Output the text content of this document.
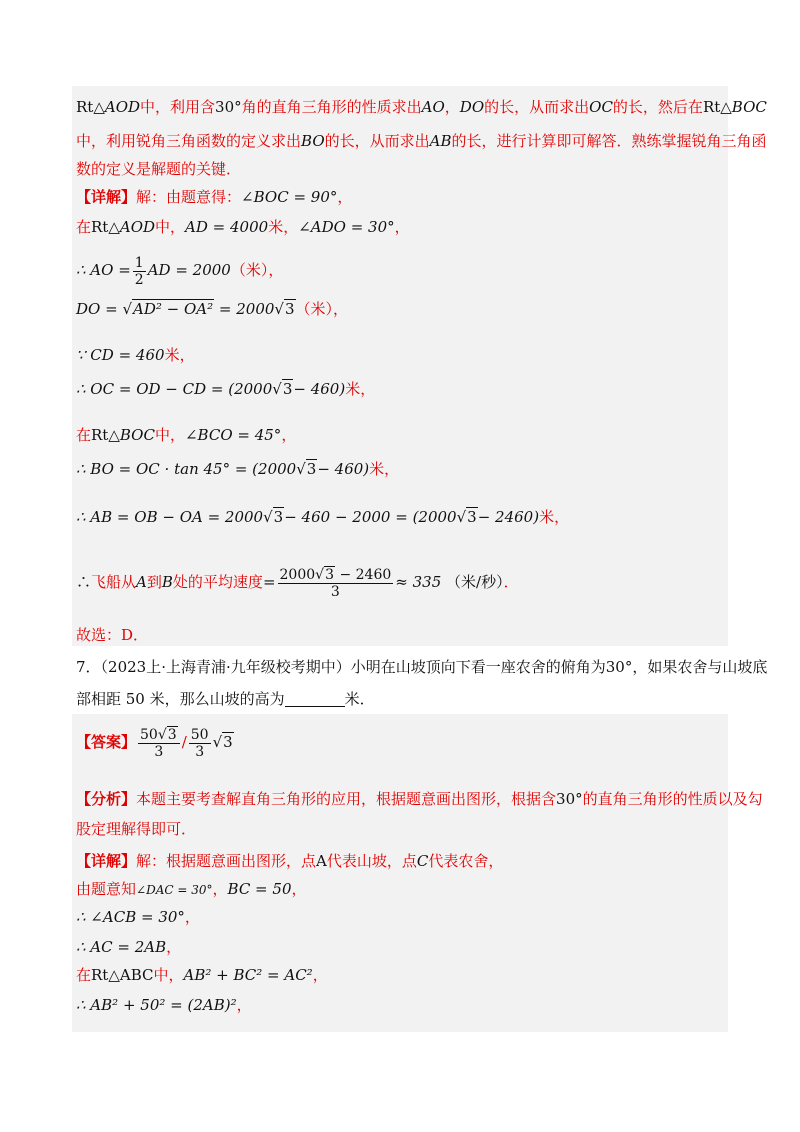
Rt△AOD中，利用含30°角的直角三角形的性质求出AO，DO的长，从而求出OC的长，然后在Rt△BOC
中，利用锐角三角函数的定义求出BO的长，从而求出AB的长，进行计算即可解答．熟练掌握锐角三角函
数的定义是解题的关键．
【详解】解：由题意得：∠BOC = 90°，
在Rt△AOD中，AD = 4000米，∠ADO = 30°，
∴ AO = $\frac{1}{2}$ AD = 2000（米），
DO = √AD² − OA² = 2000√3（米），
∵ CD = 460米，
∴ OC = OD − CD = (2000√3− 460)米，
在Rt△BOC中，∠BCO = 45°，
∴ BO = OC · tan 45° = (2000√3− 460)米，
∴ AB = OB − OA = 2000√3− 460 − 2000 = (2000√3− 2460)米，
∴飞船从A到B处的平均速度= $\frac{2000√3 - 2460}{3} \approx 335$ （米/秒）．
故选：D．
7．（2023上·上海青浦·九年级校考期中）小明在山坡顶向下看一座农舍的俯角为30°，如果农舍与山坡底
部相距 50 米，那么山坡的高为	米．
【答案】 $\frac{50√3}{3} / \frac{50}{3} √3$
【分析】本题主要考查解直角三角形的应用，根据题意画出图形，根据含30°的直角三角形的性质以及勾
股定理解得即可．
【详解】解：根据题意画出图形，点A代表山坡，点C代表农舍，
由题意知∠DAC = 30°，BC = 50，
∴ ∠ACB = 30°，
∴ AC = 2AB，
在Rt△ABC中，AB² + BC² = AC²，
∴ AB² + 50² = (2AB)²，
